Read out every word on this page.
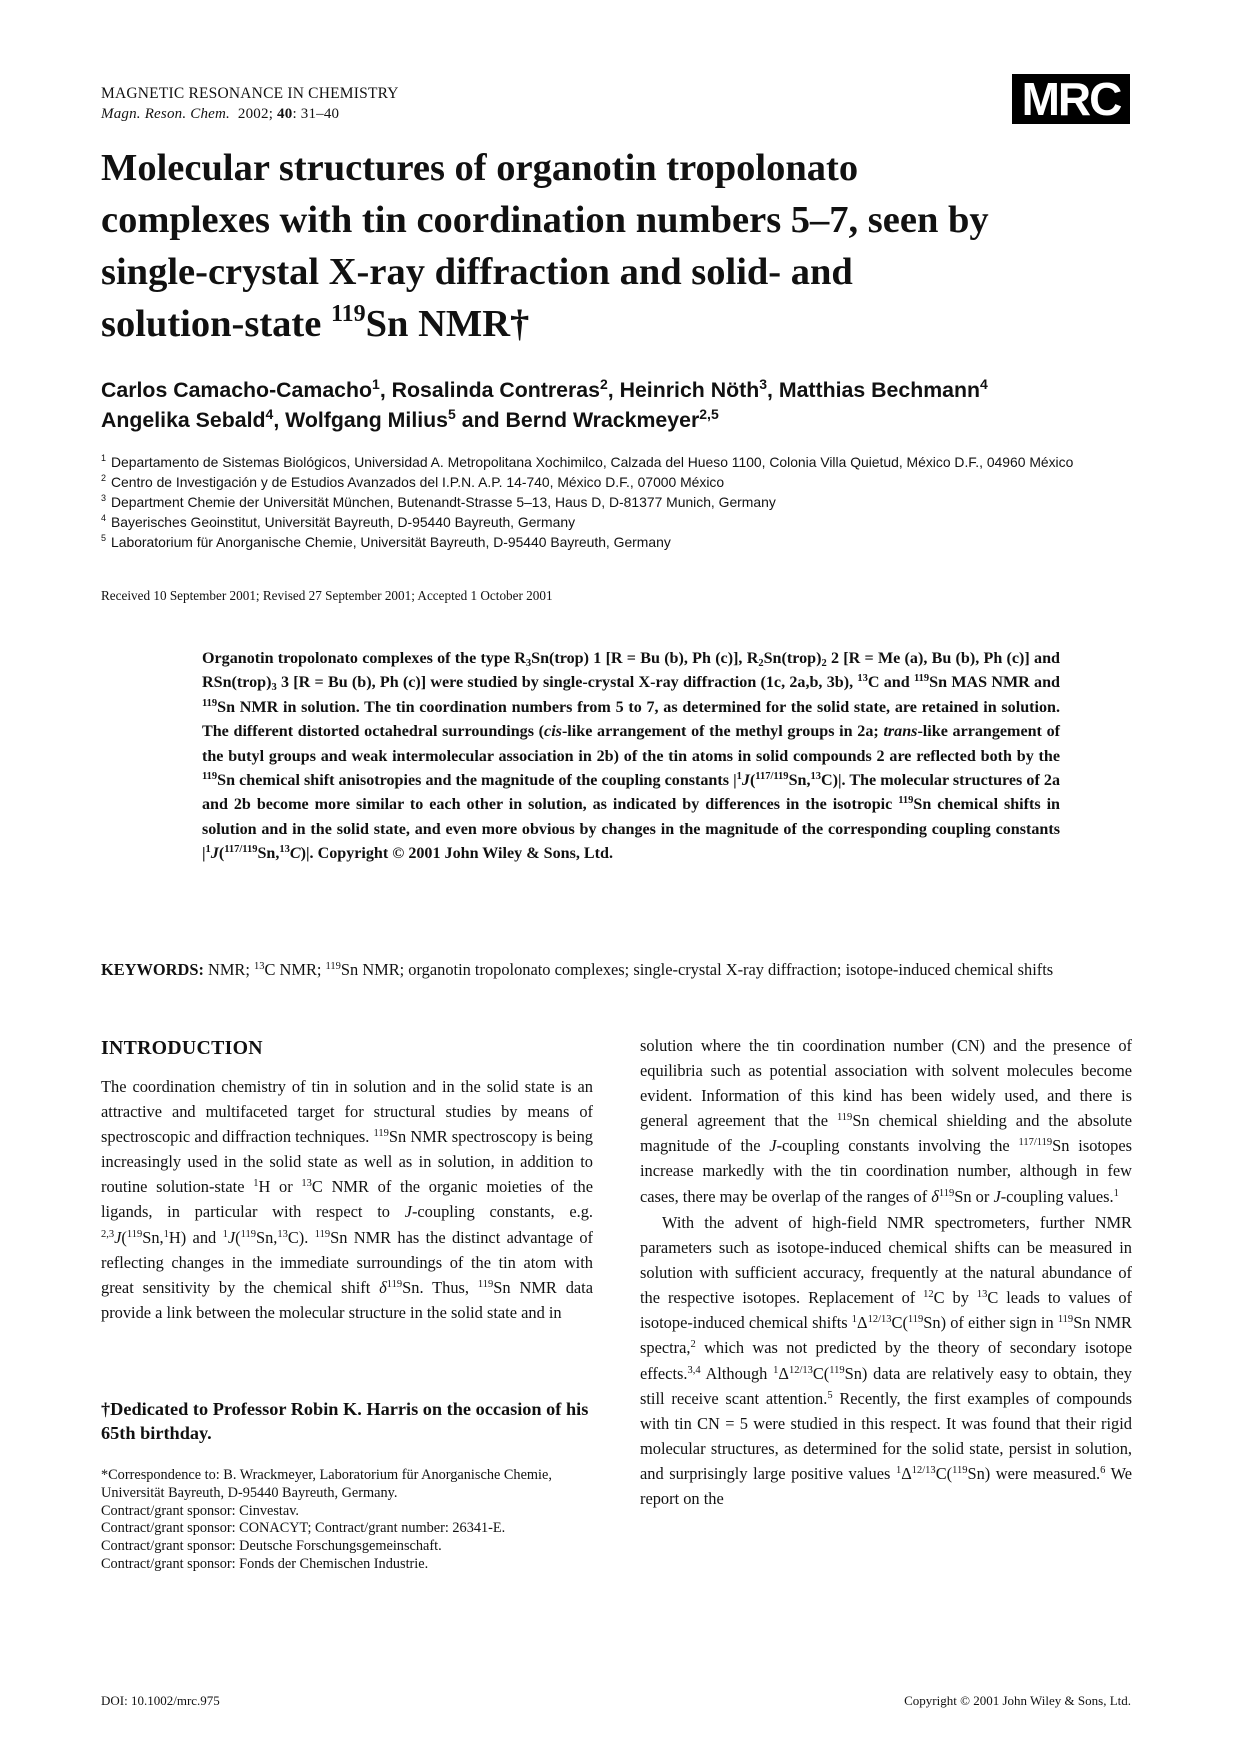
MAGNETIC RESONANCE IN CHEMISTRY
Magn. Reson. Chem. 2002; 40: 31–40	MRC
Molecular structures of organotin tropolonato
complexes with tin coordination numbers 5–7, seen by
single-crystal X-ray diffraction and solid- and
solution-state $^{119}$Sn NMR†

Carlos Camacho-Camacho$^1$, Rosalinda Contreras$^2$, Heinrich Nöth$^3$, Matthias Bechmann$^4$
Angelika Sebald$^4$, Wolfgang Milius$^5$ and Bernd Wrackmeyer$^{2,5}$

$^1$ Departamento de Sistemas Biológicos, Universidad A. Metropolitana Xochimilco, Calzada del Hueso 1100, Colonia Villa Quietud, México D.F., 04960 México
$^2$ Centro de Investigación y de Estudios Avanzados del I.P.N. A.P. 14-740, México D.F., 07000 México
$^3$ Department Chemie der Universität München, Butenandt-Strasse 5–13, Haus D, D-81377 Munich, Germany
$^4$ Bayerisches Geoinstitut, Universität Bayreuth, D-95440 Bayreuth, Germany
$^5$ Laboratorium für Anorganische Chemie, Universität Bayreuth, D-95440 Bayreuth, Germany
Received 10 September 2001; Revised 27 September 2001; Accepted 1 October 2001

Organotin tropolonato complexes of the type $R_3Sn(trop)$ 1 [R = Bu (b), Ph (c)], $R_2Sn(trop)_2$ 2 [R = Me (a), Bu (b), Ph (c)] and $RSn(trop)_3$ 3 [R = Bu (b), Ph (c)] were studied by single-crystal X-ray diffraction (1c, 2a,b, 3b), $^{13}$C and $^{119}$Sn MAS NMR and $^{119}$Sn NMR in solution. The tin coordination numbers from 5 to 7, as determined for the solid state, are retained in solution. The different distorted octahedral surroundings (cis-like arrangement of the methyl groups in 2a; trans-like arrangement of the butyl groups and weak intermolecular association in 2b) of the tin atoms in solid compounds 2 are reflected both by the $^{119}$Sn chemical shift anisotropies and the magnitude of the coupling constants $|^1J(^{117/119}Sn,^{13}C)|$. The molecular structures of 2a and 2b become more similar to each other in solution, as indicated by differences in the isotropic $^{119}$Sn chemical shifts in solution and in the solid state, and even more obvious by changes in the magnitude of the corresponding coupling constants $|^1J(^{117/119}Sn,^{13}C)|$. Copyright © 2001 John Wiley & Sons, Ltd.

KEYWORDS: NMR; $^{13}$C NMR; $^{119}$Sn NMR; organotin tropolonato complexes; single-crystal X-ray diffraction; isotope-induced chemical shifts

INTRODUCTION

The coordination chemistry of tin in solution and in the solid state is an attractive and multifaceted target for structural studies by means of spectroscopic and diffraction techniques. $^{119}$Sn NMR spectroscopy is being increasingly used in the solid state as well as in solution, in addition to routine solution-state $^1$H or $^{13}$C NMR of the organic moieties of the ligands, in particular with respect to J-coupling constants, e.g. $^{2,3}$J($^{119}$Sn,$^1$H) and $^1$J($^{119}$Sn,$^{13}$C). $^{119}$Sn NMR has the distinct advantage of reflecting changes in the immediate surroundings of the tin atom with great sensitivity by the chemical shift $\delta^{119}Sn$. Thus, $^{119}$Sn NMR data provide a link between the molecular structure in the solid state and in

†Dedicated to Professor Robin K. Harris on the occasion of his 65th birthday.

*Correspondence to: B. Wrackmeyer, Laboratorium für Anorganische Chemie, Universität Bayreuth, D-95440 Bayreuth, Germany.
Contract/grant sponsor: Cinvestav.
Contract/grant sponsor: CONACYT; Contract/grant number: 26341-E.
Contract/grant sponsor: Deutsche Forschungsgemeinschaft.
Contract/grant sponsor: Fonds der Chemischen Industrie.

solution where the tin coordination number (CN) and the presence of equilibria such as potential association with solvent molecules become evident. Information of this kind has been widely used, and there is general agreement that the $^{119}$Sn chemical shielding and the absolute magnitude of the J-coupling constants involving the $^{117/119}$Sn isotopes increase markedly with the tin coordination number, although in few cases, there may be overlap of the ranges of $\delta^{119}Sn$ or J-coupling values.$^1$

With the advent of high-field NMR spectrometers, further NMR parameters such as isotope-induced chemical shifts can be measured in solution with sufficient accuracy, frequently at the natural abundance of the respective isotopes. Replacement of $^{12}$C by $^{13}$C leads to values of isotope-induced chemical shifts $^1\Delta^{12/13}C(^{119}Sn)$ of either sign in $^{119}$Sn NMR spectra,$^2$ which was not predicted by the theory of secondary isotope effects.$^{3,4}$ Although $^1\Delta^{12/13}C(^{119}Sn)$ data are relatively easy to obtain, they still receive scant attention.$^5$ Recently, the first examples of compounds with tin CN = 5 were studied in this respect. It was found that their rigid molecular structures, as determined for the solid state, persist in solution, and surprisingly large positive values $^1\Delta^{12/13}C(^{119}Sn)$ were measured.$^6$ We report on the

DOI: 10.1002/mrc.975	Copyright © 2001 John Wiley & Sons, Ltd.
